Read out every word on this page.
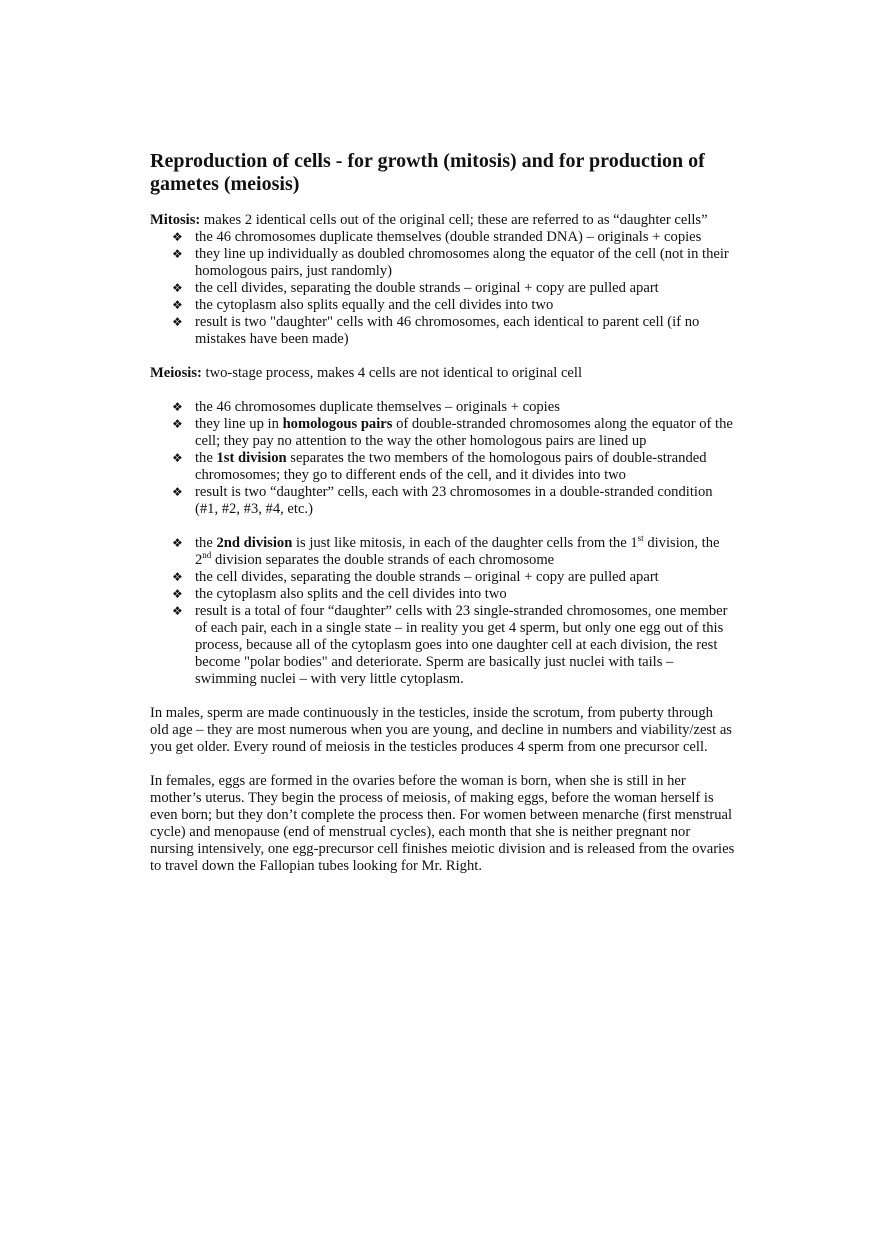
Reproduction of cells - for growth (mitosis) and for production of gametes (meiosis)

Mitosis: makes 2 identical cells out of the original cell; these are referred to as “daughter cells”

❖ the 46 chromosomes duplicate themselves (double stranded DNA) – originals + copies
❖ they line up individually as doubled chromosomes along the equator of the cell (not in their homologous pairs, just randomly)
❖ the cell divides, separating the double strands – original + copy are pulled apart
❖ the cytoplasm also splits equally and the cell divides into two
❖ result is two "daughter" cells with 46 chromosomes, each identical to parent cell (if no mistakes have been made)

Meiosis: two-stage process, makes 4 cells are not identical to original cell

❖ the 46 chromosomes duplicate themselves – originals + copies
❖ they line up in homologous pairs of double-stranded chromosomes along the equator of the cell; they pay no attention to the way the other homologous pairs are lined up
❖ the 1st division separates the two members of the homologous pairs of double-stranded chromosomes; they go to different ends of the cell, and it divides into two
❖ result is two “daughter” cells, each with 23 chromosomes in a double-stranded condition (#1, #2, #3, #4, etc.)
❖ the 2nd division is just like mitosis, in each of the daughter cells from the 1st division, the 2nd division separates the double strands of each chromosome
❖ the cell divides, separating the double strands – original + copy are pulled apart
❖ the cytoplasm also splits and the cell divides into two
❖ result is a total of four “daughter” cells with 23 single-stranded chromosomes, one member of each pair, each in a single state – in reality you get 4 sperm, but only one egg out of this process, because all of the cytoplasm goes into one daughter cell at each division, the rest become "polar bodies" and deteriorate. Sperm are basically just nuclei with tails – swimming nuclei – with very little cytoplasm.

In males, sperm are made continuously in the testicles, inside the scrotum, from puberty through old age – they are most numerous when you are young, and decline in numbers and viability/zest as you get older. Every round of meiosis in the testicles produces 4 sperm from one precursor cell.

In females, eggs are formed in the ovaries before the woman is born, when she is still in her mother’s uterus. They begin the process of meiosis, of making eggs, before the woman herself is even born; but they don’t complete the process then. For women between menarche (first menstrual cycle) and menopause (end of menstrual cycles), each month that she is neither pregnant nor nursing intensively, one egg-precursor cell finishes meiotic division and is released from the ovaries to travel down the Fallopian tubes looking for Mr. Right.
